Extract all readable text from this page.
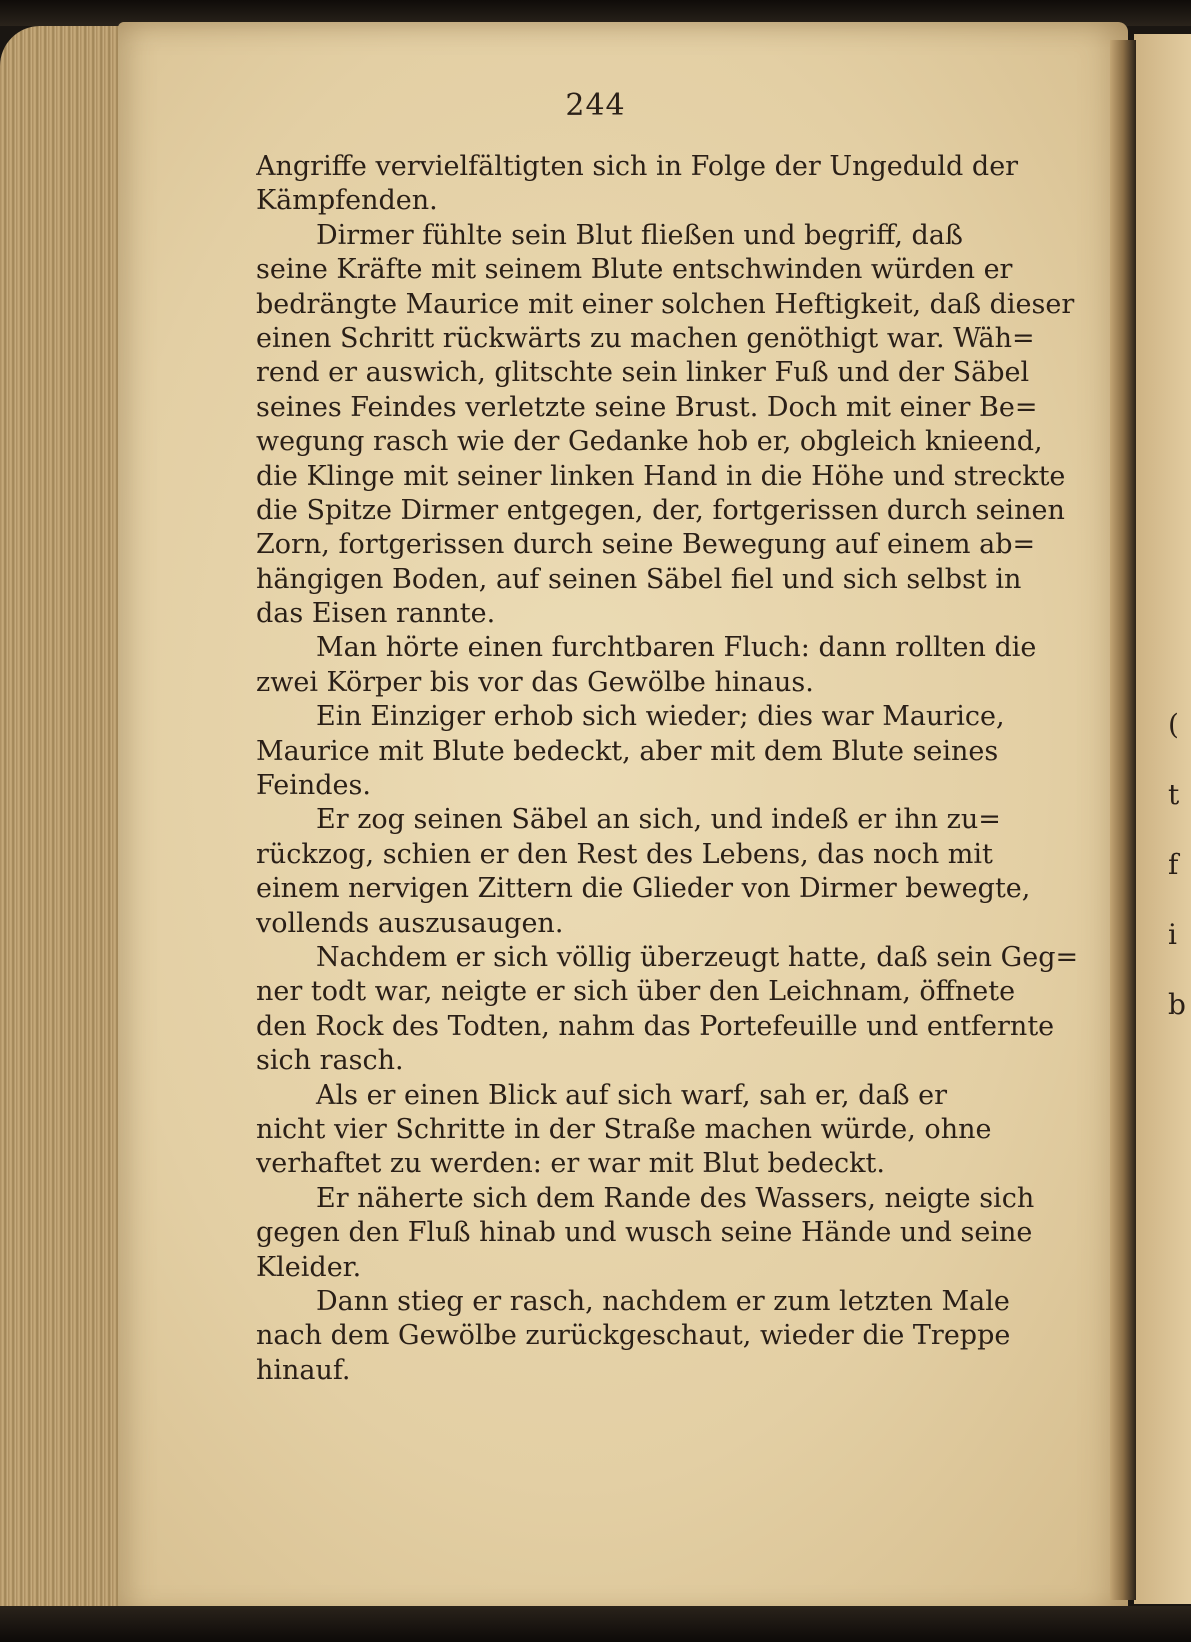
244
Angriffe vervielfältigten sich in Folge der Ungeduld der
Kämpfenden.
Dirmer fühlte sein Blut fließen und begriff, daß
seine Kräfte mit seinem Blute entschwinden würden er
bedrängte Maurice mit einer solchen Heftigkeit, daß dieser
einen Schritt rückwärts zu machen genöthigt war. Wäh=
rend er auswich, glitschte sein linker Fuß und der Säbel
seines Feindes verletzte seine Brust. Doch mit einer Be=
wegung rasch wie der Gedanke hob er, obgleich knieend,
die Klinge mit seiner linken Hand in die Höhe und streckte
die Spitze Dirmer entgegen, der, fortgerissen durch seinen
Zorn, fortgerissen durch seine Bewegung auf einem ab=
hängigen Boden, auf seinen Säbel fiel und sich selbst in
das Eisen rannte.
Man hörte einen furchtbaren Fluch: dann rollten die
zwei Körper bis vor das Gewölbe hinaus.
Ein Einziger erhob sich wieder; dies war Maurice,
Maurice mit Blute bedeckt, aber mit dem Blute seines
Feindes.
Er zog seinen Säbel an sich, und indeß er ihn zu=
rückzog, schien er den Rest des Lebens, das noch mit
einem nervigen Zittern die Glieder von Dirmer bewegte,
vollends auszusaugen.
Nachdem er sich völlig überzeugt hatte, daß sein Geg=
ner todt war, neigte er sich über den Leichnam, öffnete
den Rock des Todten, nahm das Portefeuille und entfernte
sich rasch.
Als er einen Blick auf sich warf, sah er, daß er
nicht vier Schritte in der Straße machen würde, ohne
verhaftet zu werden: er war mit Blut bedeckt.
Er näherte sich dem Rande des Wassers, neigte sich
gegen den Fluß hinab und wusch seine Hände und seine
Kleider.
Dann stieg er rasch, nachdem er zum letzten Male
nach dem Gewölbe zurückgeschaut, wieder die Treppe
hinauf.
(
t
f
i
b
